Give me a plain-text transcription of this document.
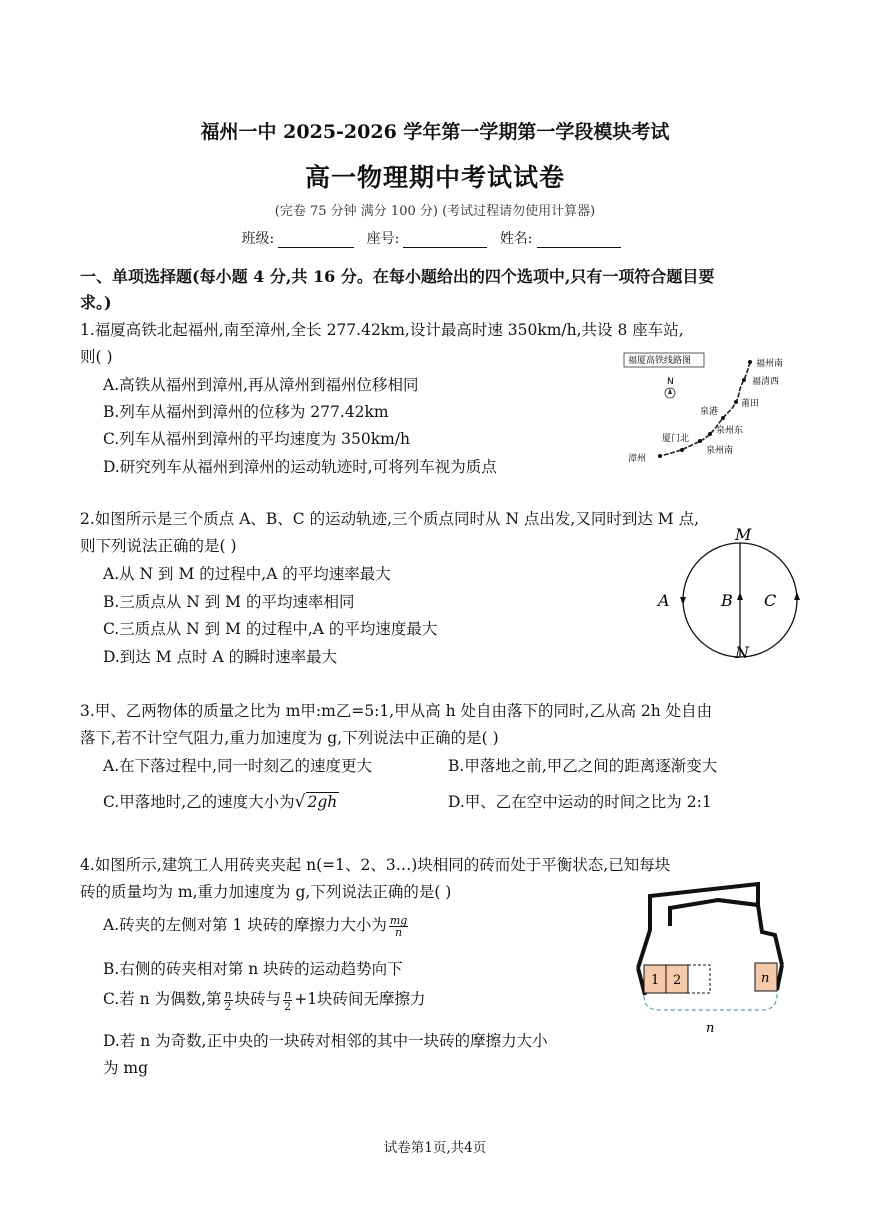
福州一中 2025-2026 学年第一学期第一学段模块考试
高一物理期中考试试卷
(完卷 75 分钟 满分 100 分) (考试过程请勿使用计算器)
班级:	座号:	姓名:
一、单项选择题(每小题 4 分,共 16 分。在每小题给出的四个选项中,只有一项符合题目要
求。)
1.福厦高铁北起福州,南至漳州,全长 277.42km,设计最高时速 350km/h,共设 8 座车站,
则( )
A.高铁从福州到漳州,再从漳州到福州位移相同
B.列车从福州到漳州的位移为 277.42km
C.列车从福州到漳州的平均速度为 350km/h
D.研究列车从福州到漳州的运动轨迹时,可将列车视为质点
福厦高铁线路图
N
福州南
福清西
莆田
泉港
泉州东
泉州南
厦门北
漳州
2.如图所示是三个质点 A、B、C 的运动轨迹,三个质点同时从 N 点出发,又同时到达 M 点,
则下列说法正确的是( )
A.从 N 到 M 的过程中,A 的平均速率最大
B.三质点从 N 到 M 的平均速率相同
C.三质点从 N 到 M 的过程中,A 的平均速度最大
D.到达 M 点时 A 的瞬时速率最大
M
N
A	B C
3.甲、乙两物体的质量之比为 m甲:m乙=5:1,甲从高 h 处自由落下的同时,乙从高 2h 处自由
落下,若不计空气阻力,重力加速度为 g,下列说法中正确的是( )
A.在下落过程中,同一时刻乙的速度更大	B.甲落地之前,甲乙之间的距离逐渐变大
C.甲落地时,乙的速度大小为√ 2gh	D.甲、乙在空中运动的时间之比为 2:1
4.如图所示,建筑工人用砖夹夹起 n(=1、2、3…)块相同的砖而处于平衡状态,已知每块
砖的质量均为 m,重力加速度为 g,下列说法正确的是( )
A.砖夹的左侧对第 1 块砖的摩擦力大小为 $\frac{mg}{n}$
B.右侧的砖夹相对第 n 块砖的运动趋势向下
C.若 n 为偶数,第 $\frac{n}{2}$ 块砖与 $\frac{n}{2} +1$块砖间无摩擦力
D.若 n 为奇数,正中央的一块砖对相邻的其中一块砖的摩擦力大小
为 mg
1 2	n
n
试卷第1页,共4页
